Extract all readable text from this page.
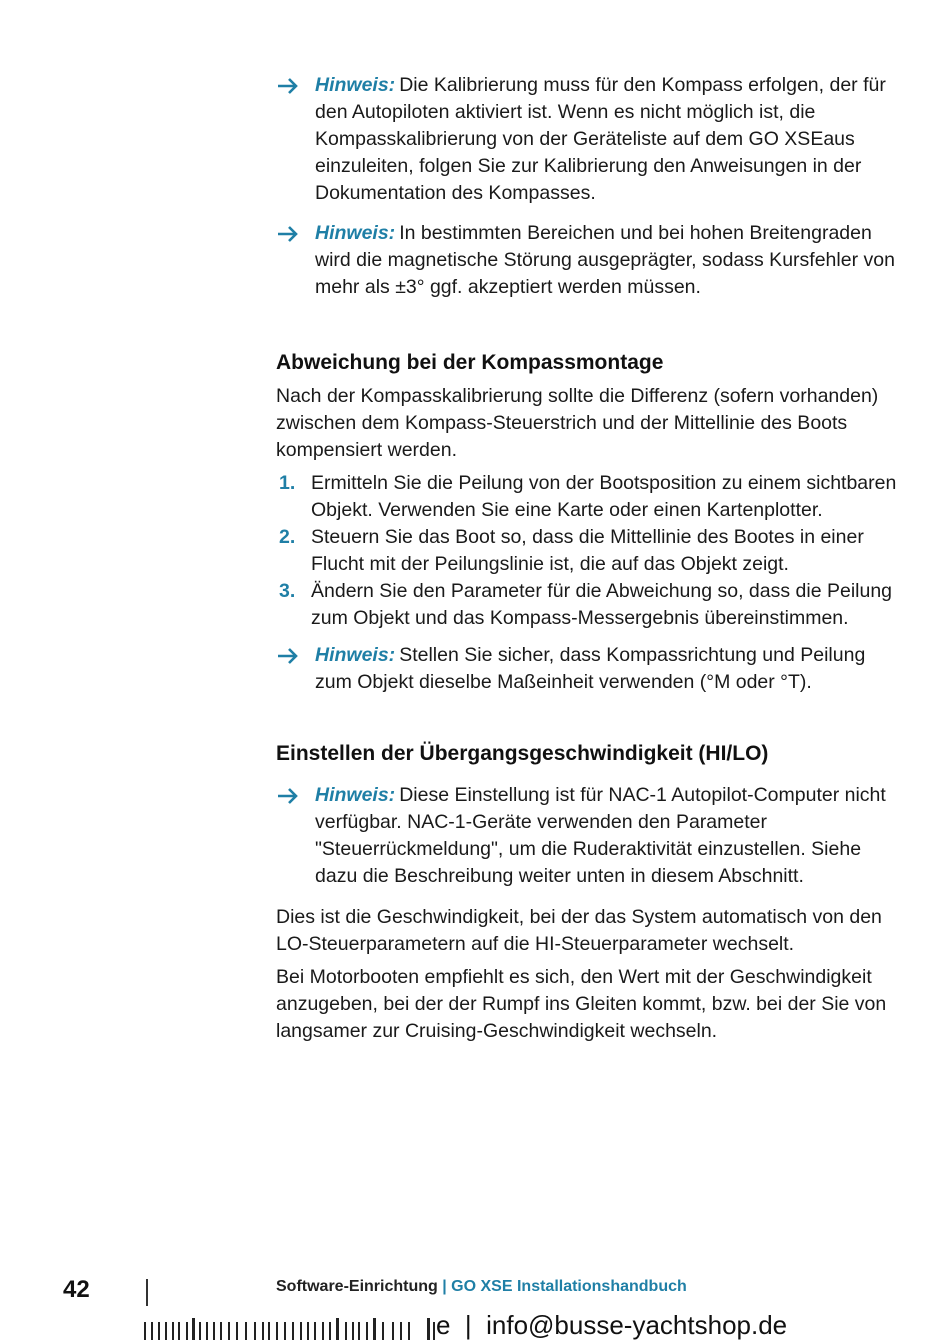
Hinweis: Die Kalibrierung muss für den Kompass erfolgen, der für den Autopiloten aktiviert ist. Wenn es nicht möglich ist, die Kompasskalibrierung von der Geräteliste auf dem GO XSEaus einzuleiten, folgen Sie zur Kalibrierung den Anweisungen in der Dokumentation des Kompasses.
Hinweis: In bestimmten Bereichen und bei hohen Breitengraden wird die magnetische Störung ausgeprägter, sodass Kursfehler von mehr als ±3° ggf. akzeptiert werden müssen.
Abweichung bei der Kompassmontage

Nach der Kompasskalibrierung sollte die Differenz (sofern vorhanden) zwischen dem Kompass-Steuerstrich und der Mittellinie des Boots kompensiert werden.

1. Ermitteln Sie die Peilung von der Bootsposition zu einem sichtbaren Objekt. Verwenden Sie eine Karte oder einen Kartenplotter.
2. Steuern Sie das Boot so, dass die Mittellinie des Bootes in einer Flucht mit der Peilungslinie ist, die auf das Objekt zeigt.
3. Ändern Sie den Parameter für die Abweichung so, dass die Peilung zum Objekt und das Kompass-Messergebnis übereinstimmen.
Hinweis: Stellen Sie sicher, dass Kompassrichtung und Peilung zum Objekt dieselbe Maßeinheit verwenden (°M oder °T).
Einstellen der Übergangsgeschwindigkeit (HI/LO)
Hinweis: Diese Einstellung ist für NAC-1 Autopilot-Computer nicht verfügbar. NAC-1-Geräte verwenden den Parameter "Steuerrückmeldung", um die Ruderaktivität einzustellen. Siehe dazu die Beschreibung weiter unten in diesem Abschnitt.

Dies ist die Geschwindigkeit, bei der das System automatisch von den LO-Steuerparametern auf die HI-Steuerparameter wechselt.

Bei Motorbooten empfiehlt es sich, den Wert mit der Geschwindigkeit anzugeben, bei der der Rumpf ins Gleiten kommt, bzw. bei der Sie von langsamer zur Cruising-Geschwindigkeit wechseln.

42	Software-Einrichtung | GO XSE Installationshandbuch
e  |  info@busse-yachtshop.de
